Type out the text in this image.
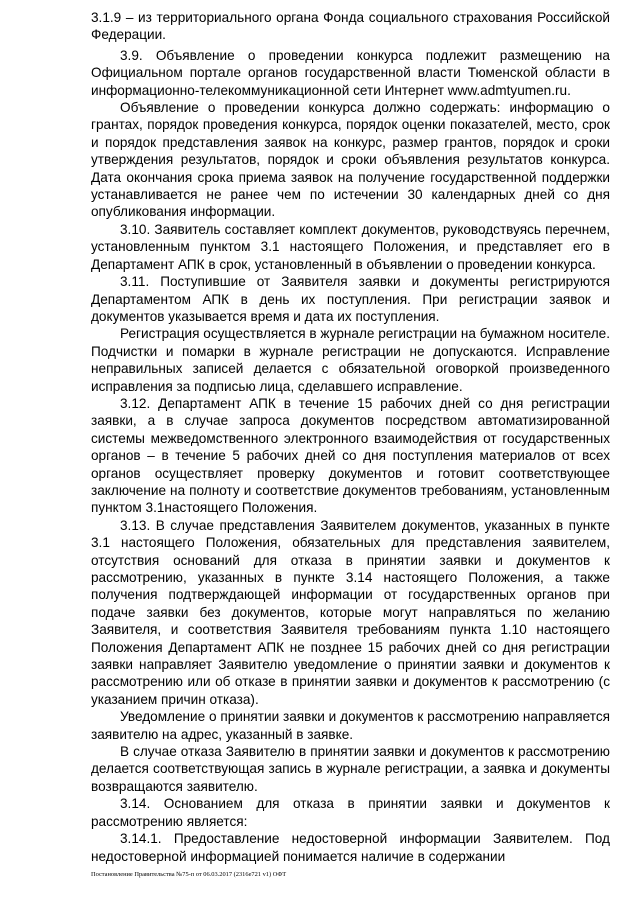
3.1.9 – из территориального органа Фонда социального страхования Российской Федерации.

3.9. Объявление о проведении конкурса подлежит размещению на Официальном портале органов государственной власти Тюменской области в информационно-телекоммуникационной сети Интернет www.admtyumen.ru.

Объявление о проведении конкурса должно содержать: информацию о грантах, порядок проведения конкурса, порядок оценки показателей, место, срок и порядок представления заявок на конкурс, размер грантов, порядок и сроки утверждения результатов, порядок и сроки объявления результатов конкурса. Дата окончания срока приема заявок на получение государственной поддержки устанавливается не ранее чем по истечении 30 календарных дней со дня опубликования информации.

3.10. Заявитель составляет комплект документов, руководствуясь перечнем, установленным пунктом 3.1 настоящего Положения, и представляет его в Департамент АПК в срок, установленный в объявлении о проведении конкурса.

3.11. Поступившие от Заявителя заявки и документы регистрируются Департаментом АПК в день их поступления. При регистрации заявок и документов указывается время и дата их поступления.

Регистрация осуществляется в журнале регистрации на бумажном носителе. Подчистки и помарки в журнале регистрации не допускаются. Исправление неправильных записей делается с обязательной оговоркой произведенного исправления за подписью лица, сделавшего исправление.

3.12. Департамент АПК в течение 15 рабочих дней со дня регистрации заявки, а в случае запроса документов посредством автоматизированной системы межведомственного электронного взаимодействия от государственных органов – в течение 5 рабочих дней со дня поступления материалов от всех органов осуществляет проверку документов и готовит соответствующее заключение на полноту и соответствие документов требованиям, установленным пунктом 3.1настоящего Положения.

3.13. В случае представления Заявителем документов, указанных в пункте 3.1 настоящего Положения, обязательных для представления заявителем, отсутствия оснований для отказа в принятии заявки и документов к рассмотрению, указанных в пункте 3.14 настоящего Положения, а также получения подтверждающей информации от государственных органов при подаче заявки без документов, которые могут направляться по желанию Заявителя, и соответствия Заявителя требованиям пункта 1.10 настоящего Положения Департамент АПК не позднее 15 рабочих дней со дня регистрации заявки направляет Заявителю уведомление о принятии заявки и документов к рассмотрению или об отказе в принятии заявки и документов к рассмотрению (с указанием причин отказа).

Уведомление о принятии заявки и документов к рассмотрению направляется заявителю на адрес, указанный в заявке.

В случае отказа Заявителю в принятии заявки и документов к рассмотрению делается соответствующая запись в журнале регистрации, а заявка и документы возвращаются заявителю.

3.14. Основанием для отказа в принятии заявки и документов к рассмотрению является:

3.14.1. Предоставление недостоверной информации Заявителем. Под недостоверной информацией понимается наличие в содержании

Постановление Правительства №75-п от 06.03.2017 (2316e721 v1) ОФТ
